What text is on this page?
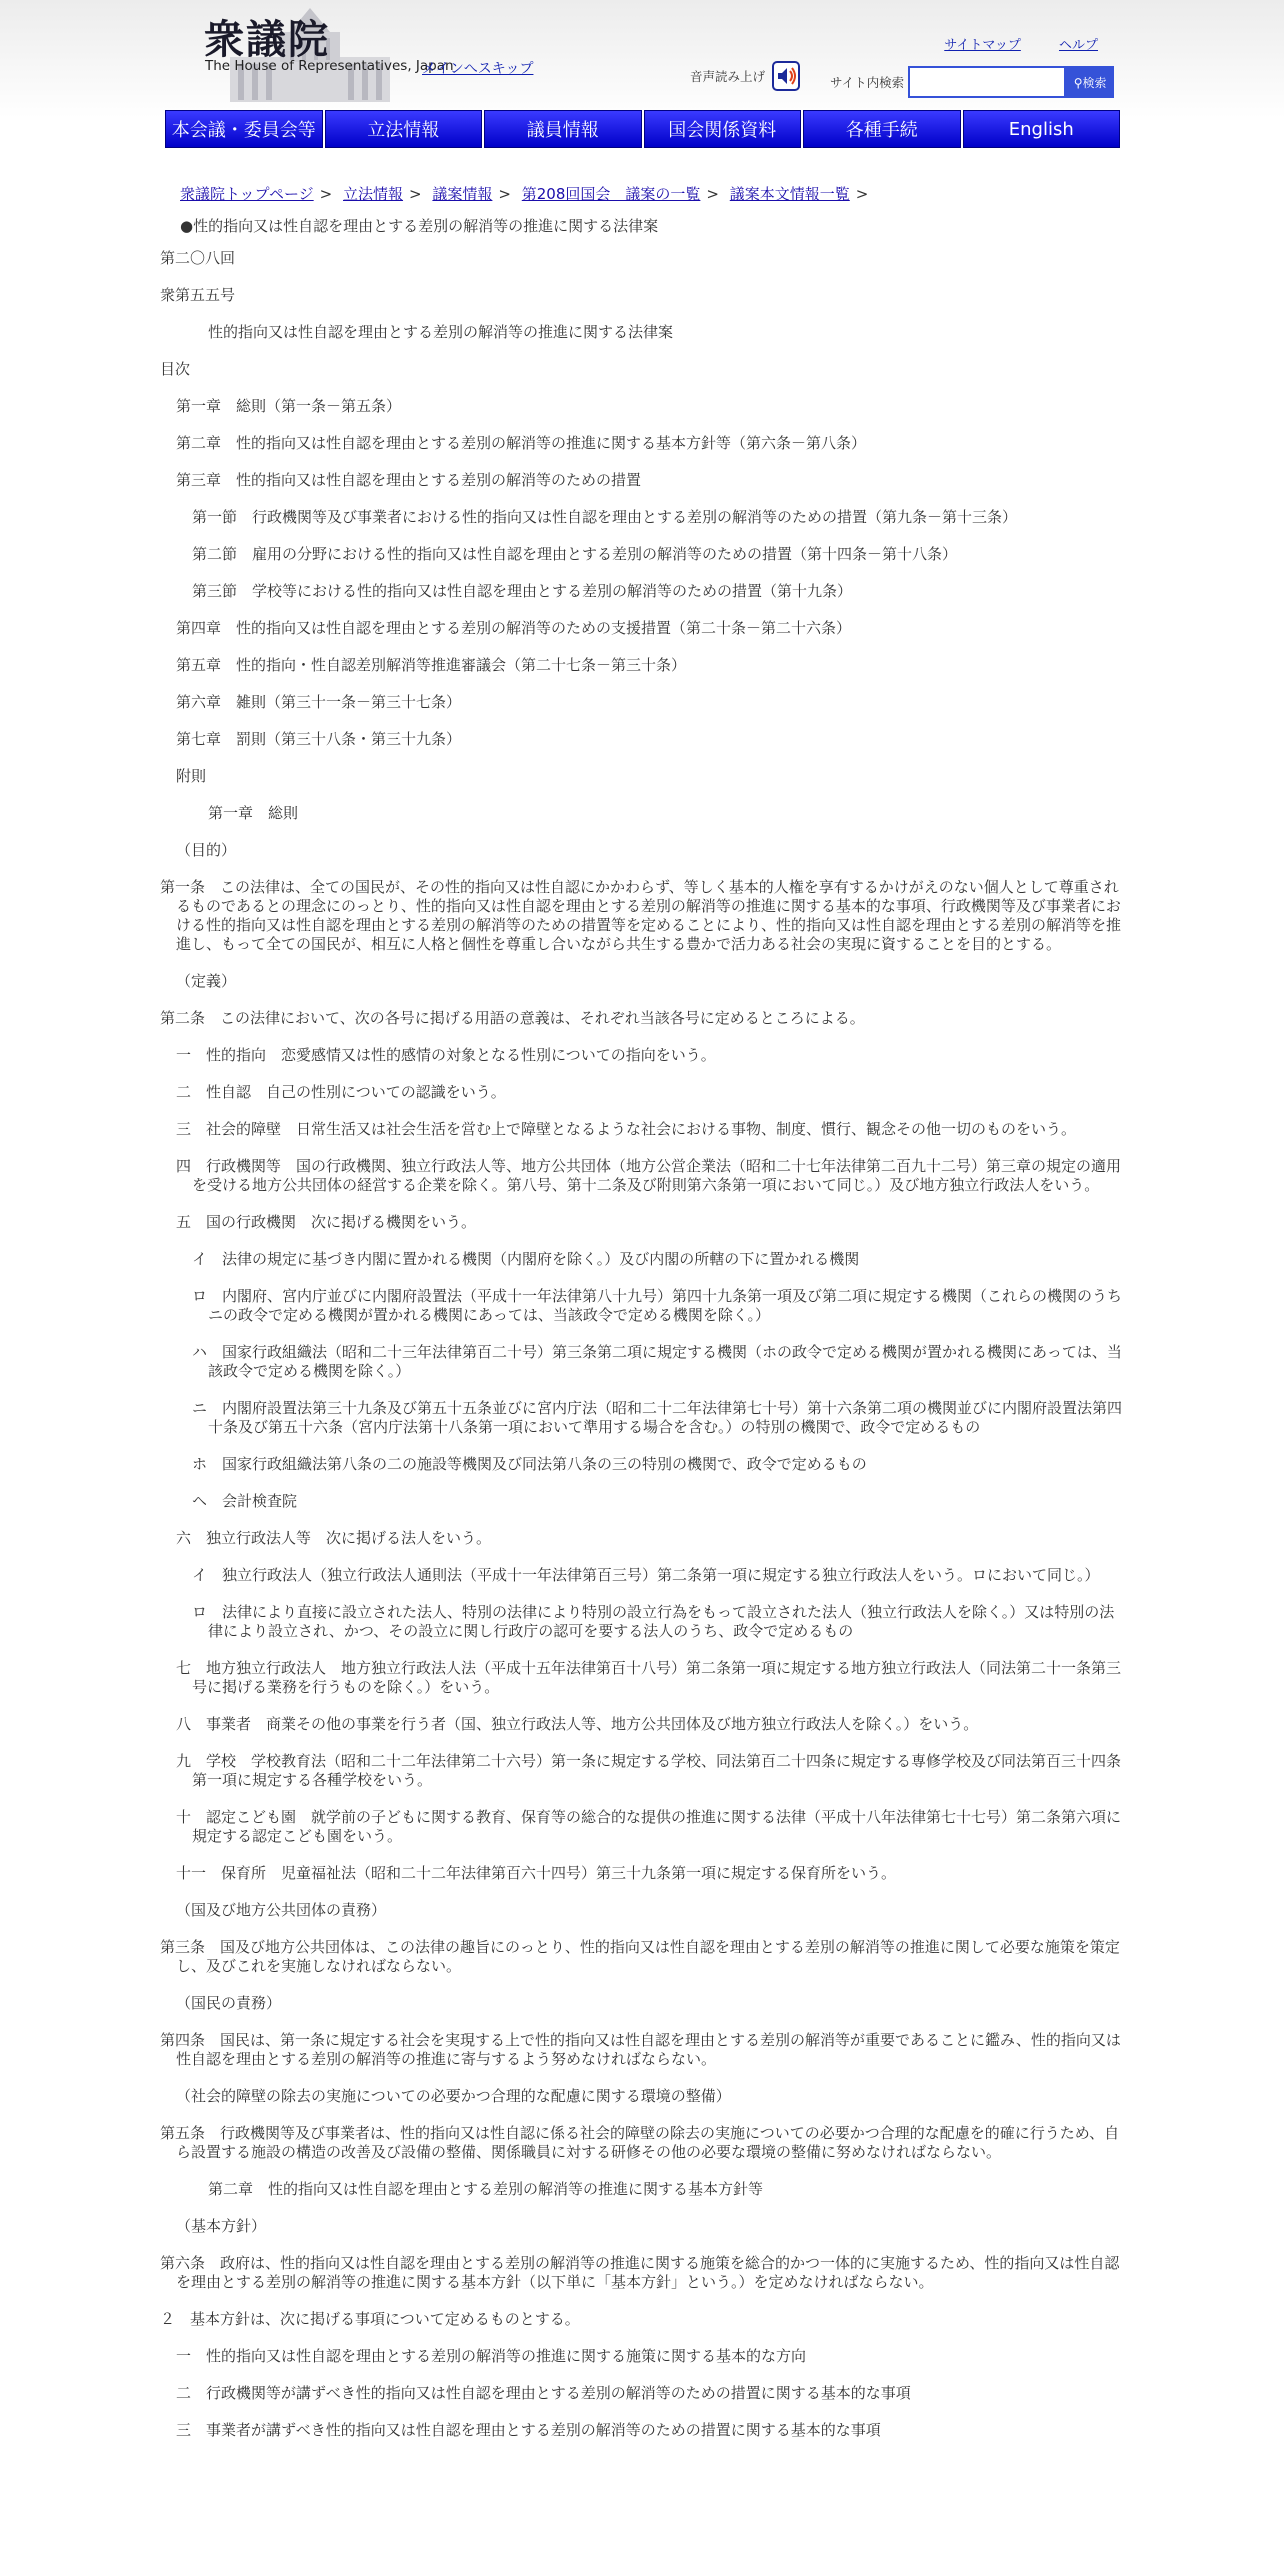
衆議院
The House of Representatives, Japan
メインへスキップ
サイトマップ	ヘルプ
音声読み上げ	サイト内検索	⚲検索
本会議・委員会等	立法情報	議員情報	国会関係資料	各種手続	English
衆議院トップページ > 立法情報 > 議案情報 > 第208回国会　議案の一覧 > 議案本文情報一覧 >
●性的指向又は性自認を理由とする差別の解消等の推進に関する法律案
第二〇八回
衆第五五号
性的指向又は性自認を理由とする差別の解消等の推進に関する法律案
目次
第一章　総則（第一条－第五条）
第二章　性的指向又は性自認を理由とする差別の解消等の推進に関する基本方針等（第六条－第八条）
第三章　性的指向又は性自認を理由とする差別の解消等のための措置
第一節　行政機関等及び事業者における性的指向又は性自認を理由とする差別の解消等のための措置（第九条－第十三条）
第二節　雇用の分野における性的指向又は性自認を理由とする差別の解消等のための措置（第十四条－第十八条）
第三節　学校等における性的指向又は性自認を理由とする差別の解消等のための措置（第十九条）
第四章　性的指向又は性自認を理由とする差別の解消等のための支援措置（第二十条－第二十六条）
第五章　性的指向・性自認差別解消等推進審議会（第二十七条－第三十条）
第六章　雑則（第三十一条－第三十七条）
第七章　罰則（第三十八条・第三十九条）
附則
第一章　総則
（目的）
第一条　この法律は、全ての国民が、その性的指向又は性自認にかかわらず、等しく基本的人権を享有するかけがえのない個人として尊重されるものであるとの理念にのっとり、性的指向又は性自認を理由とする差別の解消等の推進に関する基本的な事項、行政機関等及び事業者における性的指向又は性自認を理由とする差別の解消等のための措置等を定めることにより、性的指向又は性自認を理由とする差別の解消等を推進し、もって全ての国民が、相互に人格と個性を尊重し合いながら共生する豊かで活力ある社会の実現に資することを目的とする。
（定義）
第二条　この法律において、次の各号に掲げる用語の意義は、それぞれ当該各号に定めるところによる。
一　性的指向　恋愛感情又は性的感情の対象となる性別についての指向をいう。
二　性自認　自己の性別についての認識をいう。
三　社会的障壁　日常生活又は社会生活を営む上で障壁となるような社会における事物、制度、慣行、観念その他一切のものをいう。
四　行政機関等　国の行政機関、独立行政法人等、地方公共団体（地方公営企業法（昭和二十七年法律第二百九十二号）第三章の規定の適用を受ける地方公共団体の経営する企業を除く。第八号、第十二条及び附則第六条第一項において同じ。）及び地方独立行政法人をいう。
五　国の行政機関　次に掲げる機関をいう。
イ　法律の規定に基づき内閣に置かれる機関（内閣府を除く。）及び内閣の所轄の下に置かれる機関
ロ　内閣府、宮内庁並びに内閣府設置法（平成十一年法律第八十九号）第四十九条第一項及び第二項に規定する機関（これらの機関のうちニの政令で定める機関が置かれる機関にあっては、当該政令で定める機関を除く。）
ハ　国家行政組織法（昭和二十三年法律第百二十号）第三条第二項に規定する機関（ホの政令で定める機関が置かれる機関にあっては、当該政令で定める機関を除く。）
ニ　内閣府設置法第三十九条及び第五十五条並びに宮内庁法（昭和二十二年法律第七十号）第十六条第二項の機関並びに内閣府設置法第四十条及び第五十六条（宮内庁法第十八条第一項において準用する場合を含む。）の特別の機関で、政令で定めるもの
ホ　国家行政組織法第八条の二の施設等機関及び同法第八条の三の特別の機関で、政令で定めるもの
ヘ　会計検査院
六　独立行政法人等　次に掲げる法人をいう。
イ　独立行政法人（独立行政法人通則法（平成十一年法律第百三号）第二条第一項に規定する独立行政法人をいう。ロにおいて同じ。）
ロ　法律により直接に設立された法人、特別の法律により特別の設立行為をもって設立された法人（独立行政法人を除く。）又は特別の法律により設立され、かつ、その設立に関し行政庁の認可を要する法人のうち、政令で定めるもの
七　地方独立行政法人　地方独立行政法人法（平成十五年法律第百十八号）第二条第一項に規定する地方独立行政法人（同法第二十一条第三号に掲げる業務を行うものを除く。）をいう。
八　事業者　商業その他の事業を行う者（国、独立行政法人等、地方公共団体及び地方独立行政法人を除く。）をいう。
九　学校　学校教育法（昭和二十二年法律第二十六号）第一条に規定する学校、同法第百二十四条に規定する専修学校及び同法第百三十四条第一項に規定する各種学校をいう。
十　認定こども園　就学前の子どもに関する教育、保育等の総合的な提供の推進に関する法律（平成十八年法律第七十七号）第二条第六項に規定する認定こども園をいう。
十一　保育所　児童福祉法（昭和二十二年法律第百六十四号）第三十九条第一項に規定する保育所をいう。
（国及び地方公共団体の責務）
第三条　国及び地方公共団体は、この法律の趣旨にのっとり、性的指向又は性自認を理由とする差別の解消等の推進に関して必要な施策を策定し、及びこれを実施しなければならない。
（国民の責務）
第四条　国民は、第一条に規定する社会を実現する上で性的指向又は性自認を理由とする差別の解消等が重要であることに鑑み、性的指向又は性自認を理由とする差別の解消等の推進に寄与するよう努めなければならない。
（社会的障壁の除去の実施についての必要かつ合理的な配慮に関する環境の整備）
第五条　行政機関等及び事業者は、性的指向又は性自認に係る社会的障壁の除去の実施についての必要かつ合理的な配慮を的確に行うため、自ら設置する施設の構造の改善及び設備の整備、関係職員に対する研修その他の必要な環境の整備に努めなければならない。
第二章　性的指向又は性自認を理由とする差別の解消等の推進に関する基本方針等
（基本方針）
第六条　政府は、性的指向又は性自認を理由とする差別の解消等の推進に関する施策を総合的かつ一体的に実施するため、性的指向又は性自認を理由とする差別の解消等の推進に関する基本方針（以下単に「基本方針」という。）を定めなければならない。
２　基本方針は、次に掲げる事項について定めるものとする。
一　性的指向又は性自認を理由とする差別の解消等の推進に関する施策に関する基本的な方向
二　行政機関等が講ずべき性的指向又は性自認を理由とする差別の解消等のための措置に関する基本的な事項
三　事業者が講ずべき性的指向又は性自認を理由とする差別の解消等のための措置に関する基本的な事項
